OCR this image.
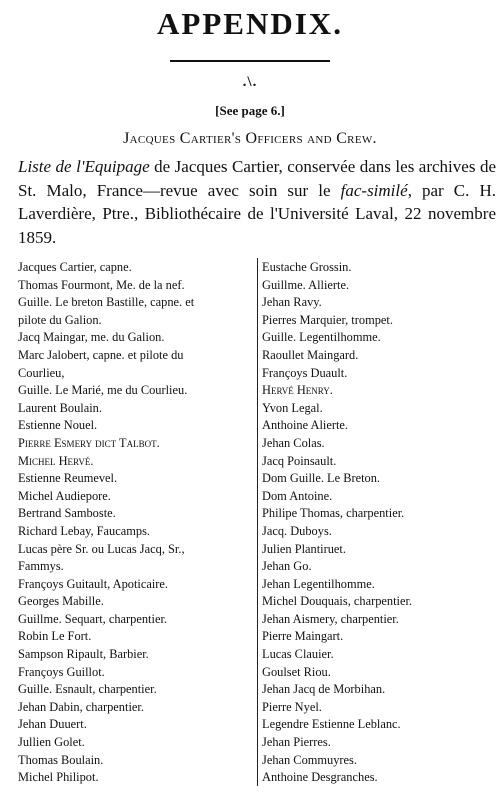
APPENDIX.
.\.
[See page 6.]
Jacques Cartier's Officers and Crew.
Liste de l'Equipage de Jacques Cartier, conservée dans les archives de St. Malo, France—revue avec soin sur le fac-similé, par C. H. Laverdière, Ptre., Bibliothécaire de l'Université Laval, 22 novembre 1859.
Jacques Cartier, capne.
Thomas Fourmont, Me. de la nef.
Guille. Le breton Bastille, capne. et
pilote du Galion.
Jacq Maingar, me. du Galion.
Marc Jalobert, capne. et pilote du
Courlieu,
Guille. Le Marié, me du Courlieu.
Laurent Boulain.
Estienne Nouel.
Pierre Esmery dict Talbot.
Michel Hervé.
Estienne Reumevel.
Michel Audiepore.
Bertrand Samboste.
Richard Lebay, Faucamps.
Lucas père Sr. ou Lucas Jacq, Sr.,
Fammys.
Françoys Guitault, Apoticaire.
Georges Mabille.
Guillme. Sequart, charpentier.
Robin Le Fort.
Sampson Ripault, Barbier.
Françoys Guillot.
Guille. Esnault, charpentier.
Jehan Dabin, charpentier.
Jehan Duuert.
Jullien Golet.
Thomas Boulain.
Michel Philipot.
Eustache Grossin.
Guillme. Allierte.
Jehan Ravy.
Pierres Marquier, trompet.
Guille. Legentilhomme.
Raoullet Maingard.
Françoys Duault.
Hervé Henry.
Yvon Legal.
Anthoine Alierte.
Jehan Colas.
Jacq Poinsault.
Dom Guille. Le Breton.
Dom Antoine.
Philipe Thomas, charpentier.
Jacq. Duboys.
Julien Plantiruet.
Jehan Go.
Jehan Legentilhomme.
Michel Douquais, charpentier.
Jehan Aismery, charpentier.
Pierre Maingart.
Lucas Clauier.
Goulset Riou.
Jehan Jacq de Morbihan.
Pierre Nyel.
Legendre Estienne Leblanc.
Jehan Pierres.
Jehan Commuyres.
Anthoine Desgranches.
